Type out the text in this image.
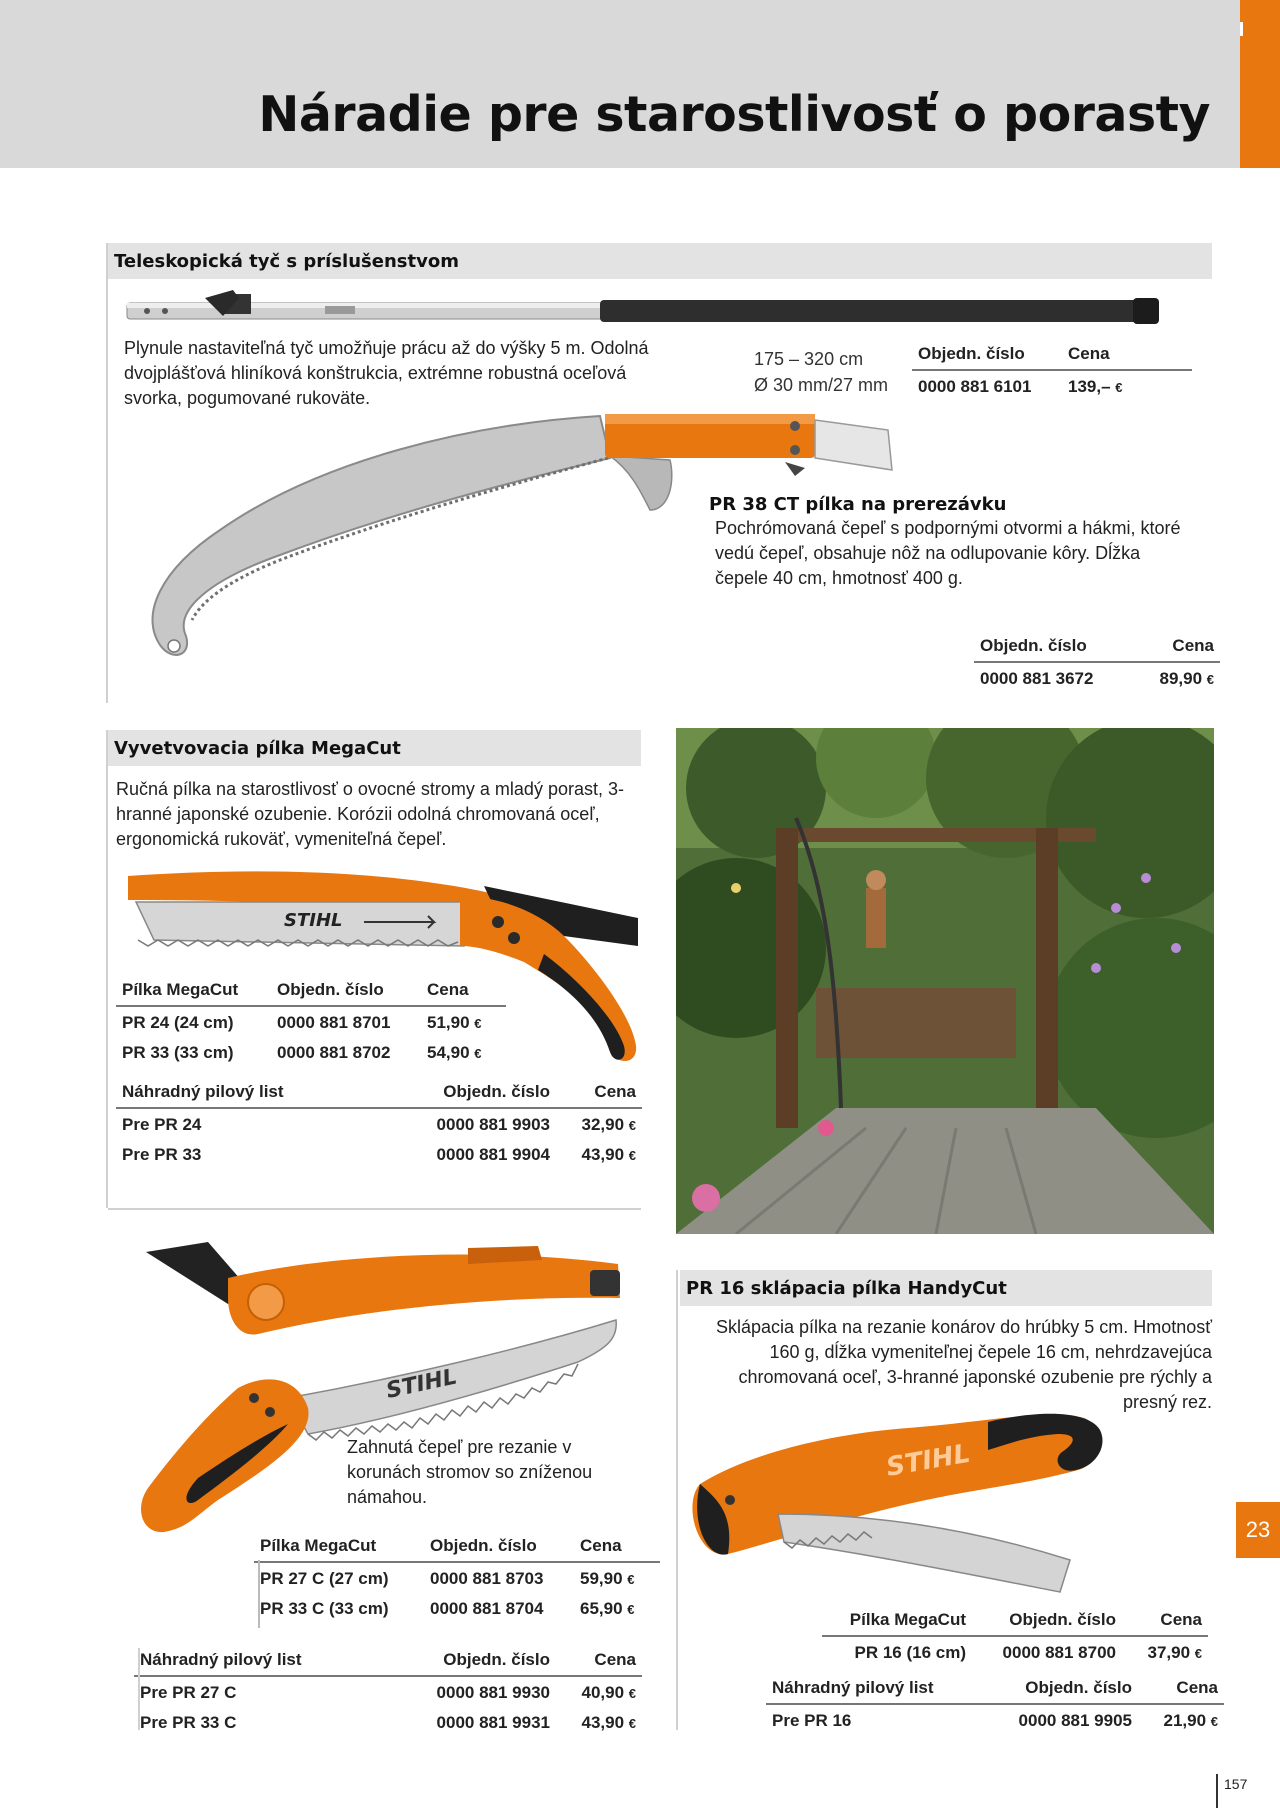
Náradie pre starostlivosť o porasty
Teleskopická tyč s príslušenstvom

Plynule nastaviteľná tyč umožňuje prácu až do výšky 5 m. Odolná dvojplášťová hliníková konštrukcia, extrémne robustná oceľová svorka, pogumované rukoväte.

175 – 320 cm
Ø 30 mm/27 mm
Objedn. číslo	Cena
0000 881 6101	139,– €
PR 38 CT pílka na prerezávku

Pochrómovaná čepeľ s podpornými otvormi a hákmi, ktoré vedú čepeľ, obsahuje nôž na odlupovanie kôry. Dĺžka čepele 40 cm, hmotnosť 400 g.

Objedn. číslo	Cena
0000 881 3672	89,90 €
Vyvetvovacia pílka MegaCut

Ručná pílka na starostlivosť o ovocné stromy a mladý porast, 3-hranné japonské ozubenie. Korózii odolná chromovaná oceľ, ergonomická rukoväť, vymeniteľná čepeľ.

STIHL
Pílka MegaCut	Objedn. číslo	Cena
PR 24 (24 cm)	0000 881 8701	51,90 €
PR 33 (33 cm)	0000 881 8702	54,90 €
Náhradný pilový list	Objedn. číslo	Cena
Pre PR 24	0000 881 9903	32,90 €
Pre PR 33	0000 881 9904	43,90 €
STIHL

Zahnutá čepeľ pre rezanie v korunách stromov so zníženou námahou.

Pílka MegaCut	Objedn. číslo	Cena
PR 27 C (27 cm)	0000 881 8703	59,90 €
PR 33 C (33 cm)	0000 881 8704	65,90 €
Náhradný pilový list	Objedn. číslo	Cena
Pre PR 27 C	0000 881 9930	40,90 €
Pre PR 33 C	0000 881 9931	43,90 €
PR 16 sklápacia pílka HandyCut

Sklápacia pílka na rezanie konárov do hrúbky 5 cm. Hmotnosť 160 g, dĺžka vymeniteľnej čepele 16 cm, nehrdzavejúca chromovaná oceľ, 3-hranné japonské ozubenie pre rýchly a presný rez.

STIHL
Pílka MegaCut	Objedn. číslo	Cena
PR 16 (16 cm)	0000 881 8700	37,90 €
Náhradný pilový list	Objedn. číslo	Cena
Pre PR 16	0000 881 9905	21,90 €
23
157
